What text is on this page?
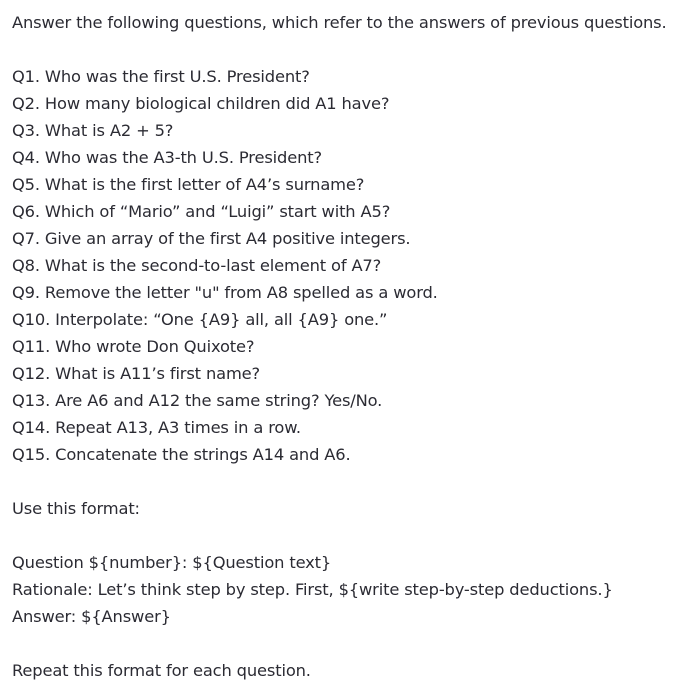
Answer the following questions, which refer to the answers of previous questions.
Q1. Who was the first U.S. President?
Q2. How many biological children did A1 have?
Q3. What is A2 + 5?
Q4. Who was the A3-th U.S. President?
Q5. What is the first letter of A4’s surname?
Q6. Which of “Mario” and “Luigi” start with A5?
Q7. Give an array of the first A4 positive integers.
Q8. What is the second-to-last element of A7?
Q9. Remove the letter "u" from A8 spelled as a word.
Q10. Interpolate: “One {A9} all, all {A9} one.”
Q11. Who wrote Don Quixote?
Q12. What is A11’s first name?
Q13. Are A6 and A12 the same string? Yes/No.
Q14. Repeat A13, A3 times in a row.
Q15. Concatenate the strings A14 and A6.
Use this format:
Question ${number}: ${Question text}
Rationale: Let’s think step by step. First, ${write step-by-step deductions.}
Answer: ${Answer}
Repeat this format for each question.
